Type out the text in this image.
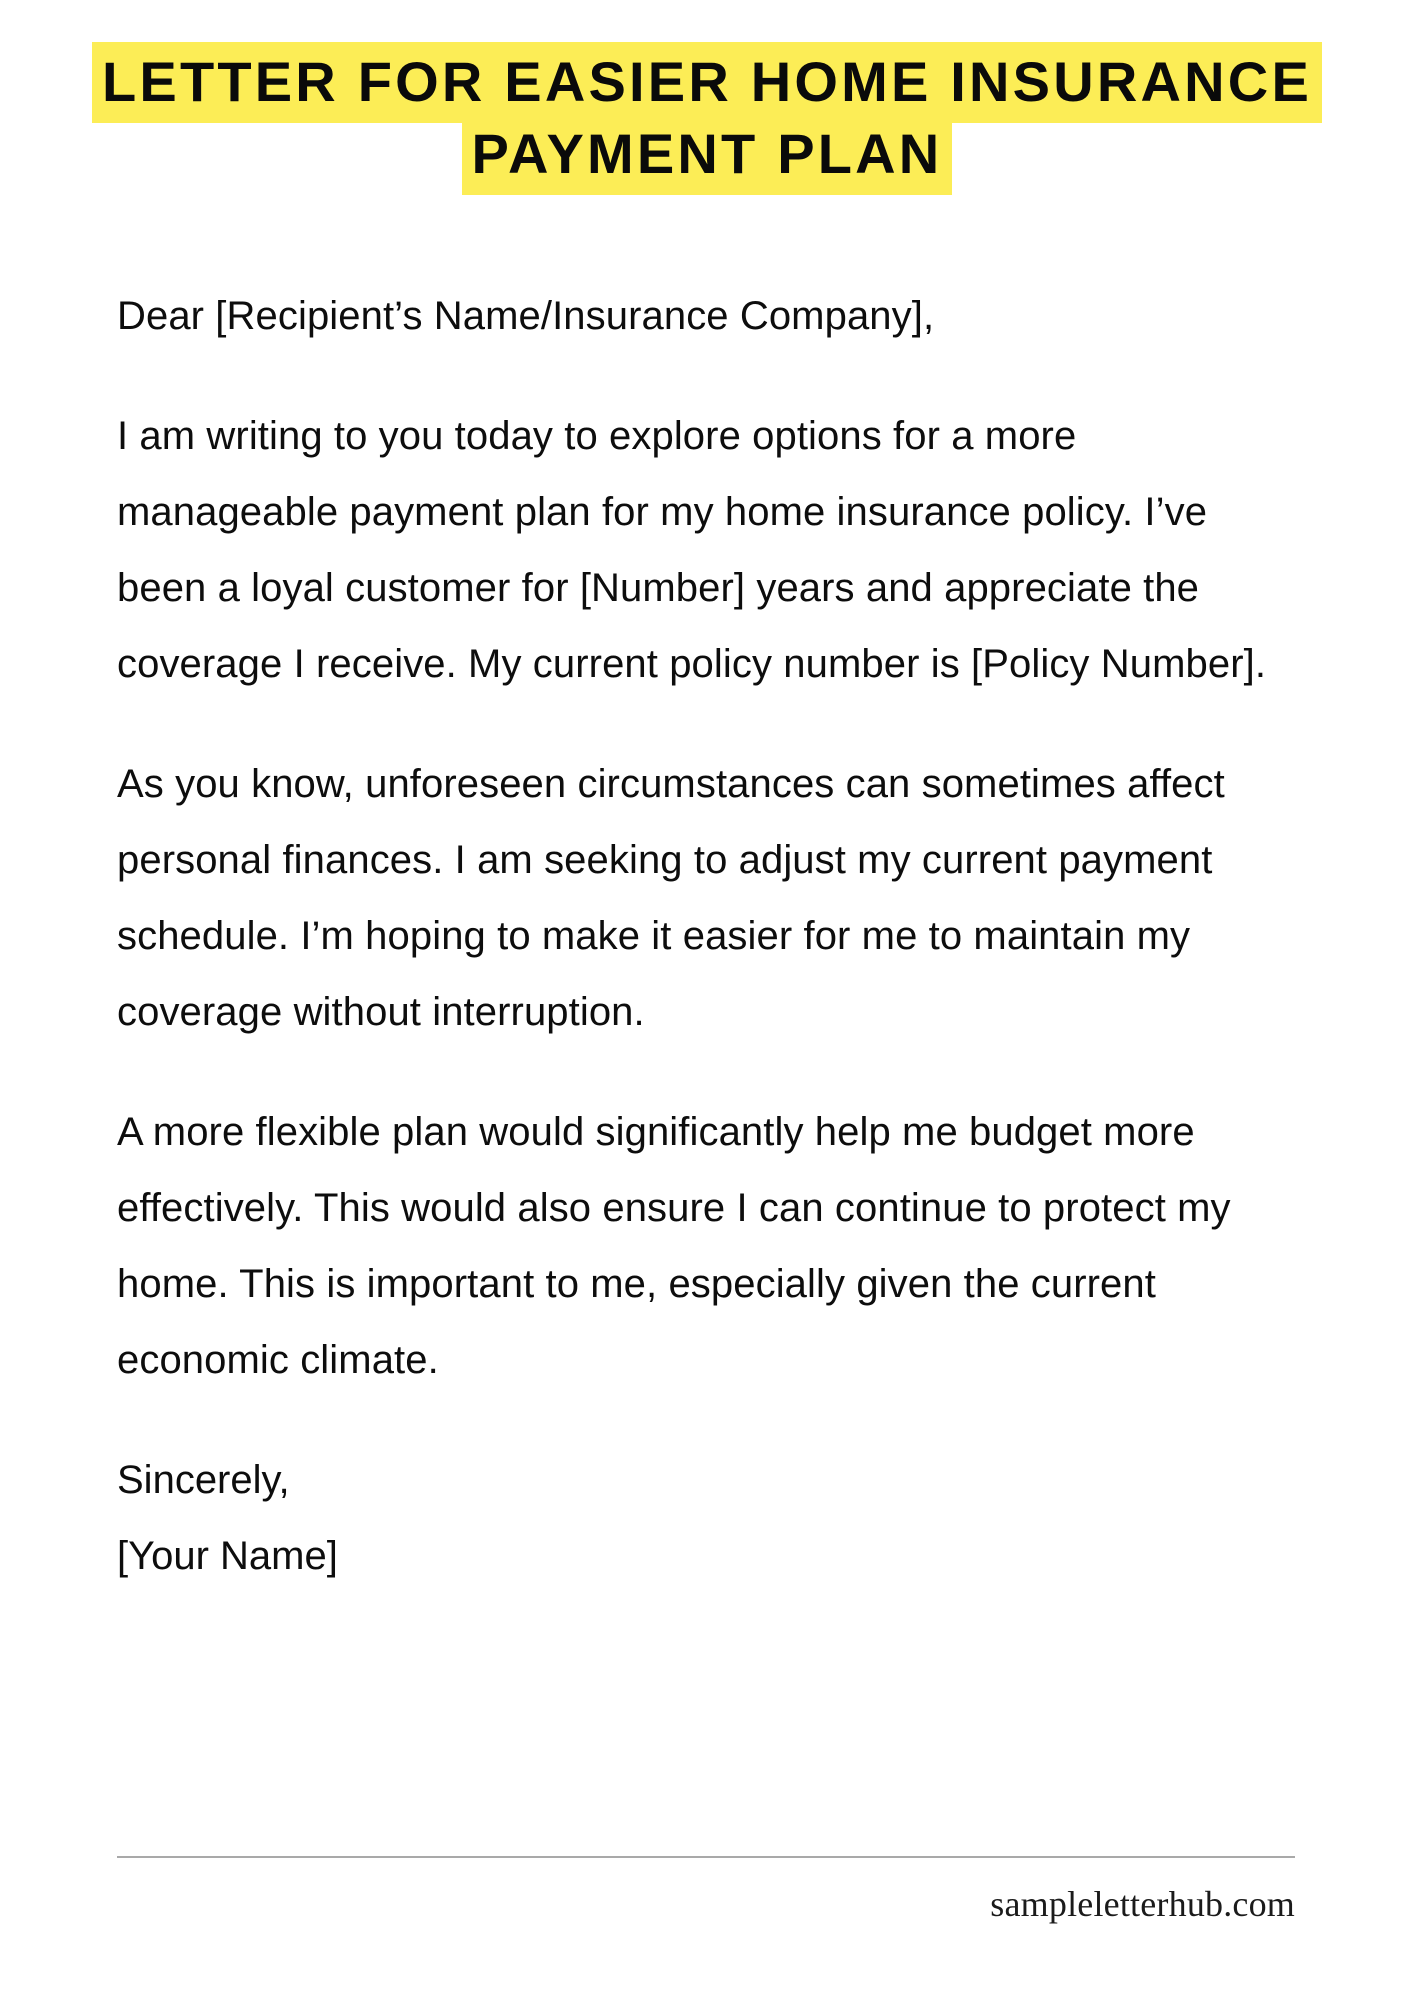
LETTER FOR EASIER HOME INSURANCE
PAYMENT PLAN

Dear [Recipient’s Name/Insurance Company],

I am writing to you today to explore options for a more manageable payment plan for my home insurance policy. I’ve been a loyal customer for [Number] years and appreciate the coverage I receive. My current policy number is [Policy Number].

As you know, unforeseen circumstances can sometimes affect personal finances. I am seeking to adjust my current payment schedule. I’m hoping to make it easier for me to maintain my coverage without interruption.

A more flexible plan would significantly help me budget more effectively. This would also ensure I can continue to protect my home. This is important to me, especially given the current economic climate.

Sincerely,

[Your Name]

sampleletterhub.com
